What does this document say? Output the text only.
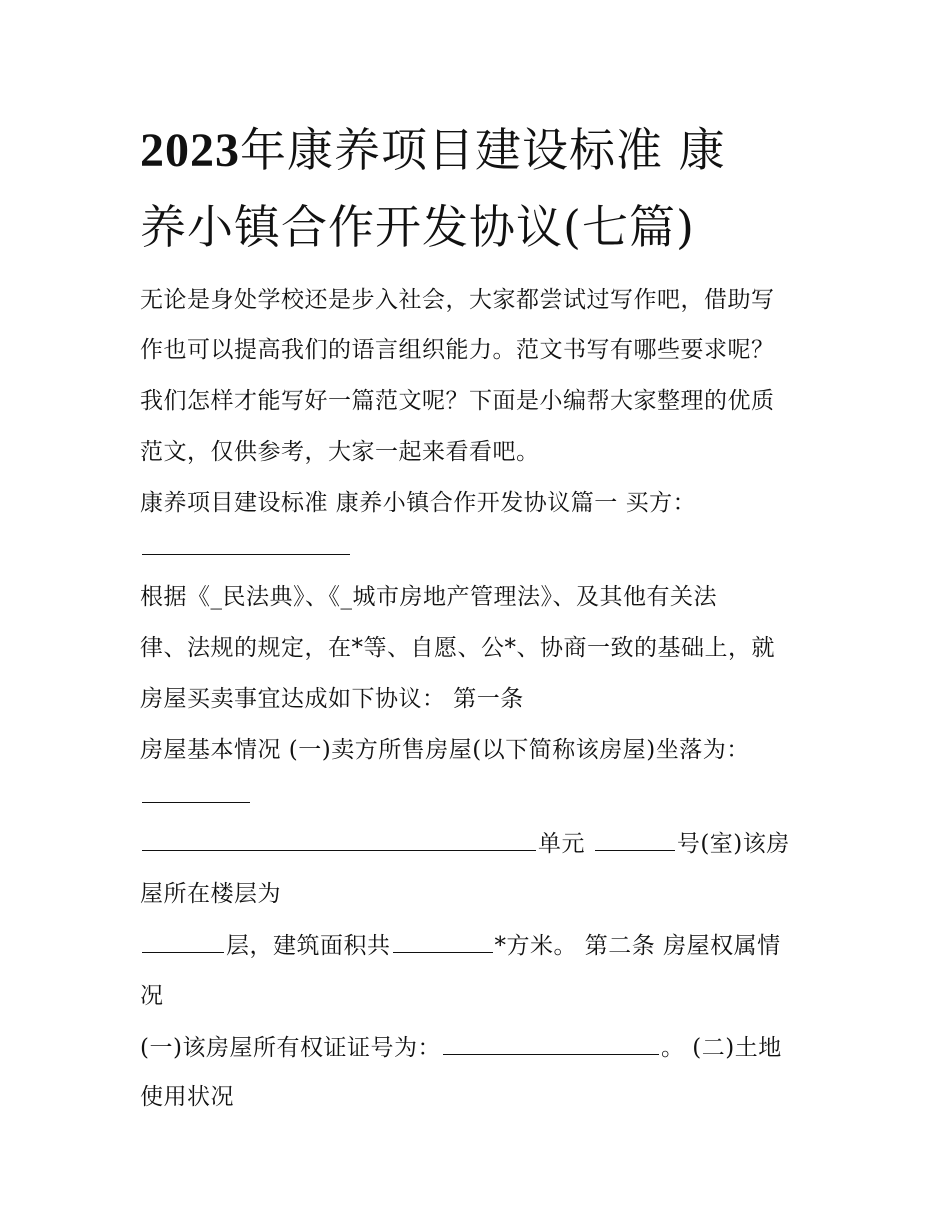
2023年康养项目建设标准 康
养小镇合作开发协议(七篇)

无论是身处学校还是步入社会，大家都尝试过写作吧，借助写

作也可以提高我们的语言组织能力。范文书写有哪些要求呢？

我们怎样才能写好一篇范文呢？下面是小编帮大家整理的优质

范文，仅供参考，大家一起来看看吧。

康养项目建设标准 康养小镇合作开发协议篇一 买方：

根据《_民法典》、《_城市房地产管理法》、及其他有关法

律、法规的规定，在*等、自愿、公*、协商一致的基础上，就

房屋买卖事宜达成如下协议： 第一条

房屋基本情况 (一)卖方所售房屋(以下简称该房屋)坐落为：

单元	号(室)该房

屋所在楼层为

层，建筑面积共	*方米。 第二条 房屋权属情

况

(一)该房屋所有权证证号为：	。 (二)土地

使用状况
